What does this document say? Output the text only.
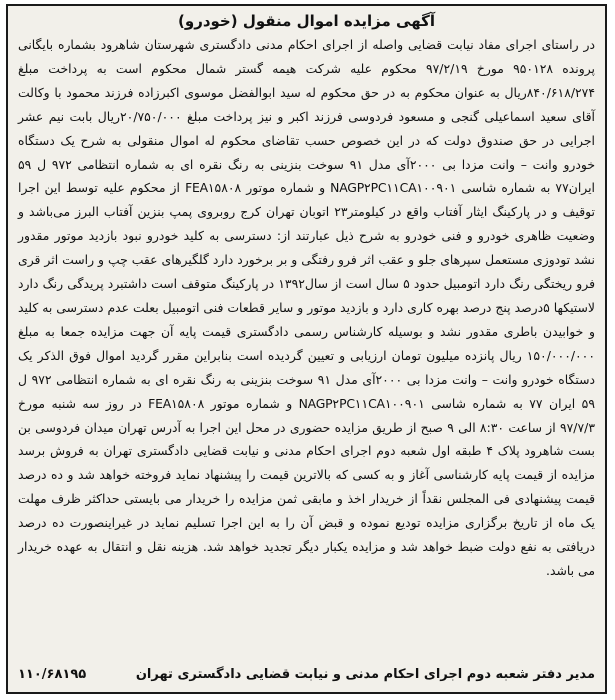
آگهی مزایده اموال منقول (خودرو)

در راستای اجرای مفاد نیابت قضایی واصله از اجرای احکام مدنی دادگستری شهرستان شاهرود بشماره بایگانی پرونده ۹۵۰۱۲۸ مورخ ۹۷/۲/۱۹ محکوم علیه شرکت هیمه گستر شمال محکوم است به پرداخت مبلغ ۸۴۰/۶۱۸/۲۷۴ریال به عنوان محکوم به در حق محکوم له سید ابوالفضل موسوی اکبرزاده فرزند محمود با وکالت آقای سعید اسماعیلی گنجی و مسعود فردوسی فرزند اکبر و نیز پرداخت مبلغ ۲۰/۷۵۰/۰۰۰ریال بابت نیم عشر اجرایی در حق صندوق دولت که در این خصوص حسب تقاضای محکوم له اموال منقولی به شرح یک دستگاه خودرو وانت – وانت مزدا بی ۲۰۰۰آی مدل ۹۱ سوخت بنزینی به رنگ نقره ای به شماره انتظامی ۹۷۲ ل ۵۹ ایران۷۷ به شماره شاسی NAGP۲PC۱۱CA۱۰۰۹۰۱ و شماره موتور FEA۱۵۸۰۸ از محکوم علیه توسط این اجرا توقیف و در پارکینگ ایثار آفتاب واقع در کیلومتر۲۳ اتوبان تهران کرج روبروی پمپ بنزین آفتاب البرز می‌باشد و وضعیت ظاهری خودرو و فنی خودرو به شرح ذیل عبارتند از: دسترسی به کلید خودرو نبود بازدید موتور مقدور نشد تودوزی مستعمل سپرهای جلو و عقب اثر فرو رفتگی و بر برخورد دارد گلگیرهای عقب چپ و راست اثر قری فرو ریختگی رنگ دارد اتومبیل حدود ۵ سال است از سال۱۳۹۲ در پارکینگ متوقف است داشتبرد پریدگی رنگ دارد لاستیکها ۵درصد پنج درصد بهره کاری دارد و بازدید موتور و سایر قطعات فنی اتومبیل بعلت عدم دسترسی به کلید و خوابیدن باطری مقدور نشد و بوسیله کارشناس رسمی دادگستری قیمت پایه آن جهت مزایده جمعا به مبلغ ۱۵۰/۰۰۰/۰۰۰ ریال پانزده میلیون تومان ارزیابی و تعیین گردیده است بنابراین مقرر گردید اموال فوق الذکر یک دستگاه خودرو وانت – وانت مزدا بی ۲۰۰۰آی مدل ۹۱ سوخت بنزینی به رنگ نقره ای به شماره انتظامی ۹۷۲ ل ۵۹ ایران ۷۷ به شماره شاسی NAGP۲PC۱۱CA۱۰۰۹۰۱ و شماره موتور FEA۱۵۸۰۸ در روز سه شنبه مورخ ۹۷/۷/۳ از ساعت ۸:۳۰ الی ۹ صبح از طریق مزایده حضوری در محل این اجرا به آدرس تهران میدان فردوسی بن بست شاهرود پلاک ۴ طبقه اول شعبه دوم اجرای احکام مدنی و نیابت قضایی دادگستری تهران به فروش برسد مزایده از قیمت پایه کارشناسی آغاز و به کسی که بالاترین قیمت را پیشنهاد نماید فروخته خواهد شد و ده درصد قیمت پیشنهادی فی المجلس نقداً از خریدار اخذ و مابقی ثمن مزایده را خریدار می بایستی حداکثر ظرف مهلت یک ماه از تاریخ برگزاری مزایده تودیع نموده و قبض آن را به این اجرا تسلیم نماید در غیراینصورت ده درصد دریافتی به نفع دولت ضبط خواهد شد و مزایده یکبار دیگر تجدید خواهد شد. هزینه نقل و انتقال به عهده خریدار می باشد.

مدیر دفتر شعبه دوم اجرای احکام مدنی و نیابت قضایی دادگستری تهران
۱۱۰/۶۸۱۹۵
